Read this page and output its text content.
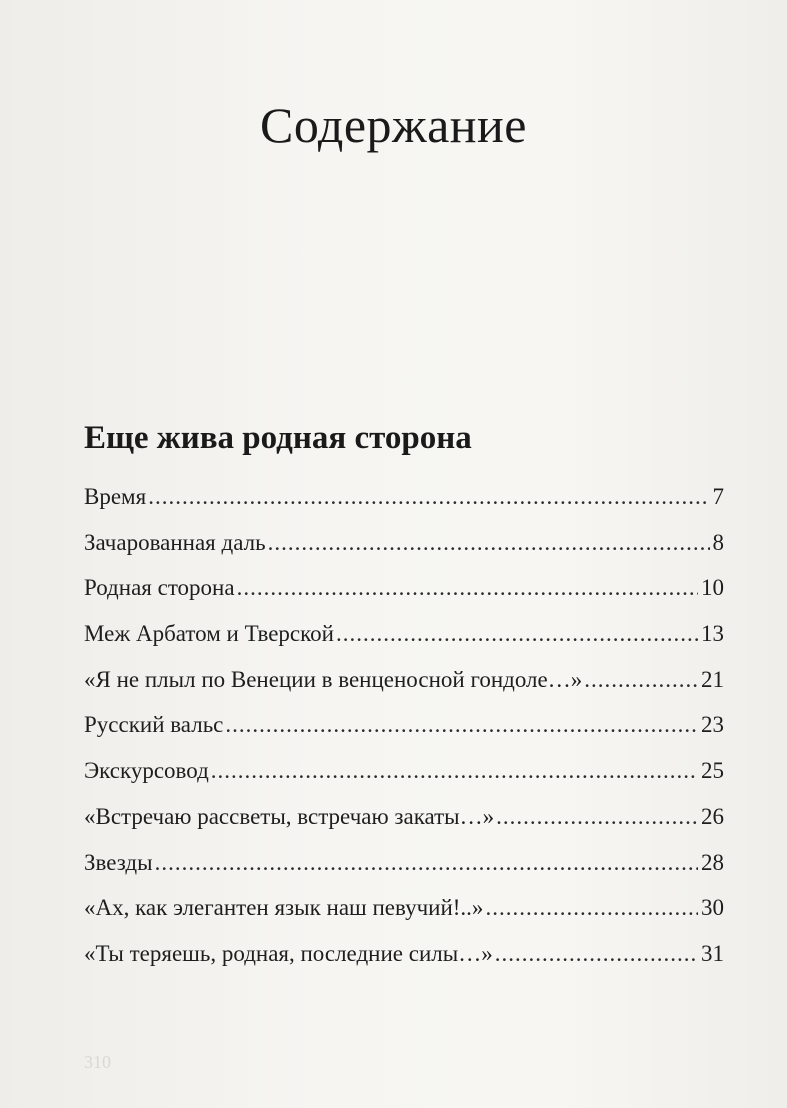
Содержание
Еще жива родная сторона
Время .....	7
Зачарованная даль .....	8
Родная сторона .....	10
Меж Арбатом и Тверской .....	13
«Я не плыл по Венеции в венценосной гондоле…» .....	21
Русский вальс .....	23
Экскурсовод .....	25
«Встречаю рассветы, встречаю закаты…» .....	26
Звезды .....	28
«Ах, как элегантен язык наш певучий!..» .....	30
«Ты теряешь, родная, последние силы…» .....	31

310
